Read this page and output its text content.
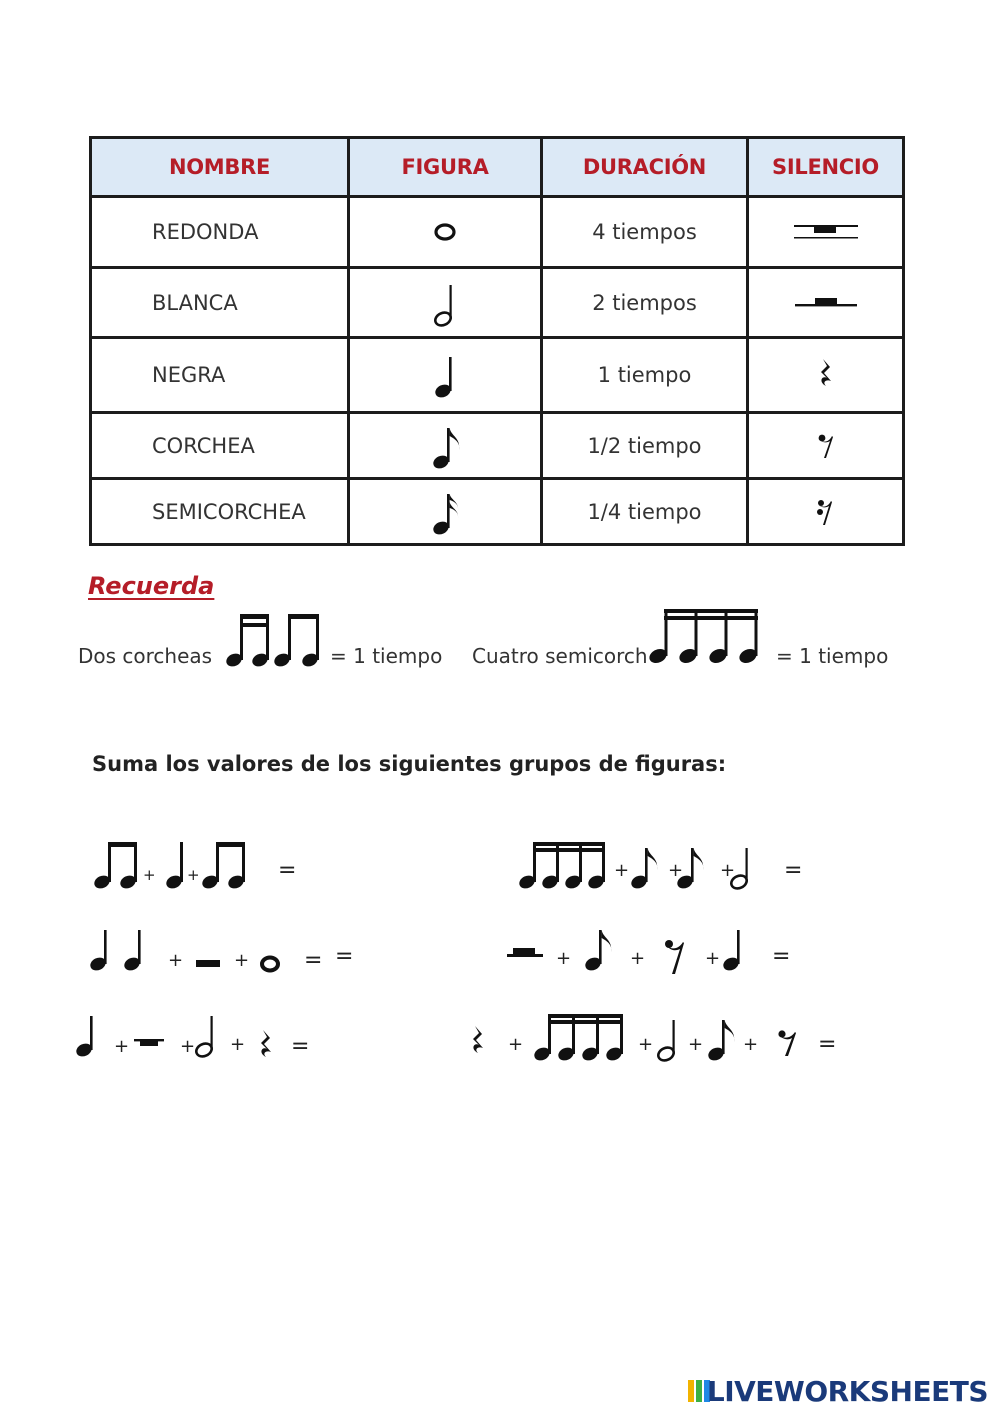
NOMBRE	FIGURA	DURACIÓN	SILENCIO
REDONDA		4 tiempos	

BLANCA		2 tiempos	

NEGRA		1 tiempo	

CORCHEA		1/2 tiempo	

SEMICORCHEA		1/4 tiempo	
Recuerda
Dos corcheas	= 1 tiempo Cuatro semicorch	= 1 tiempo
Suma los valores de los siguientes grupos de figuras:
+ +	=	+ + + =
+	+ = =	+	+	+ =
+	+ + =	+	+ + +	=
LIVEWORKSHEETS
